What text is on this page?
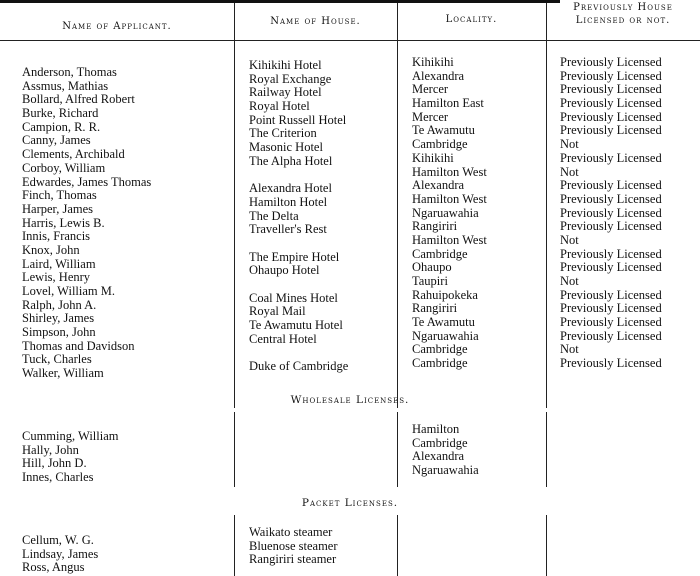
Name of Applicant.	Name of House.	Locality.
Previously House
Licensed or not.
Anderson, Thomas
Assmus, Mathias
Bollard, Alfred Robert
Burke, Richard
Campion, R. R.
Canny, James
Clements, Archibald
Corboy, William
Edwardes, James Thomas
Finch, Thomas
Harper, James
Harris, Lewis B.
Innis, Francis
Knox, John
Laird, William
Lewis, Henry
Lovel, William M.
Ralph, John A.
Shirley, James
Simpson, John
Thomas and Davidson
Tuck, Charles
Walker, William
Kihikihi Hotel
Royal Exchange
Railway Hotel
Royal Hotel
Point Russell Hotel
The Criterion
Masonic Hotel
The Alpha Hotel
Alexandra Hotel
Hamilton Hotel
The Delta
Traveller's Rest
The Empire Hotel
Ohaupo Hotel
Coal Mines Hotel
Royal Mail
Te Awamutu Hotel
Central Hotel
Duke of Cambridge
Kihikihi
Alexandra
Mercer
Hamilton East
Mercer
Te Awamutu
Cambridge
Kihikihi
Hamilton West
Alexandra
Hamilton West
Ngaruawahia
Rangiriri
Hamilton West
Cambridge
Ohaupo
Taupiri
Rahuipokeka
Rangiriri
Te Awamutu
Ngaruawahia
Cambridge
Cambridge
Previously Licensed
Previously Licensed
Previously Licensed
Previously Licensed
Previously Licensed
Previously Licensed
Not
Previously Licensed
Not
Previously Licensed
Previously Licensed
Previously Licensed
Previously Licensed
Not
Previously Licensed
Previously Licensed
Not
Previously Licensed
Previously Licensed
Previously Licensed
Previously Licensed
Not
Previously Licensed
Wholesale Licenses.
Cumming, William
Hally, John
Hill, John D.
Innes, Charles
Hamilton
Cambridge
Alexandra
Ngaruawahia
Packet Licenses.
Cellum, W. G.
Lindsay, James
Ross, Angus
Waikato steamer
Bluenose steamer
Rangiriri steamer
